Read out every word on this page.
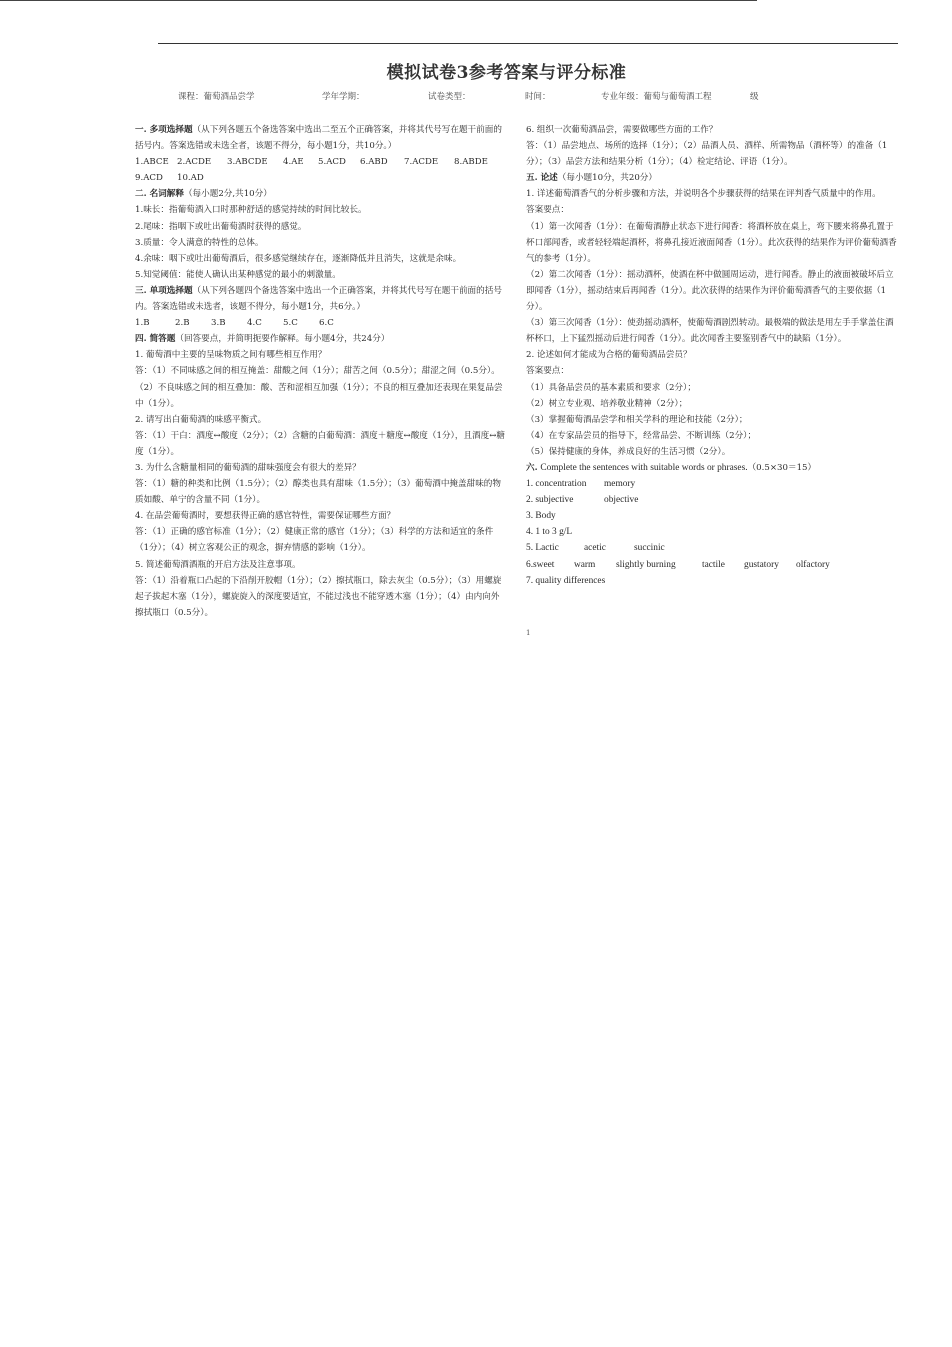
模拟试卷3参考答案与评分标准
课程：葡萄酒品尝学	学年学期：	试卷类型：	时间：	专业年级：葡萄与葡萄酒工程	级

一. 多项选择题（从下列各题五个备选答案中选出二至五个正确答案，并将其代号写在题干前面的括号内。答案选错或未选全者，该题不得分，每小题1分，共10分。）

1.ABCE 2.ACDE 3.ABCDE 4.AE 5.ACD 6.ABD 7.ACDE 8.ABDE

9.ACD 10.AD

二. 名词解释（每小题2分,共10分）

1.味长：指葡萄酒入口时那种舒适的感觉持续的时间比较长。

2.尾味：指咽下或吐出葡萄酒时获得的感觉。

3.质量：令人满意的特性的总体。

4.余味：咽下或吐出葡萄酒后，很多感觉继续存在，逐渐降低并且消失，这就是余味。

5.知觉阈值：能使人确认出某种感觉的最小的刺激量。

三. 单项选择题（从下列各题四个备选答案中选出一个正确答案，并将其代号写在题干前面的括号内。答案选错或未选者，该题不得分，每小题1分，共6分。）

1.B	2.B 3.B 4.C 5.C 6.C

四. 简答题（回答要点，并简明扼要作解释。每小题4分，共24分）

1. 葡萄酒中主要的呈味物质之间有哪些相互作用？

答：（1）不同味感之间的相互掩盖：甜酸之间（1分）；甜苦之间（0.5分）；甜涩之间（0.5分）。（2）不良味感之间的相互叠加：酸、苦和涩相互加强（1分）；不良的相互叠加还表现在果复品尝中（1分）。

2. 请写出白葡萄酒的味感平衡式。

答：（1）干白：酒度↔酸度（2分）；（2）含糖的白葡萄酒：酒度＋糖度↔酸度（1分），且酒度↔糖度（1分）。

3. 为什么含糖量相同的葡萄酒的甜味强度会有很大的差异？

答：（1）糖的种类和比例（1.5分）；（2）醇类也具有甜味（1.5分）；（3）葡萄酒中掩盖甜味的物质如酸、单宁的含量不同（1分）。

4. 在品尝葡萄酒时，要想获得正确的感官特性，需要保证哪些方面？

答：（1）正确的感官标准（1分）；（2）健康正常的感官（1分）；（3）科学的方法和适宜的条件（1分）；（4）树立客观公正的观念，摒弃情感的影响（1分）。

5. 简述葡萄酒酒瓶的开启方法及注意事项。

答：（1）沿着瓶口凸起的下沿削开胶帽（1分）；（2）擦拭瓶口，除去灰尘（0.5分）；（3）用螺旋起子拔起木塞（1分），螺旋旋入的深度要适宜，不能过浅也不能穿透木塞（1分）；（4）由内向外擦拭瓶口（0.5分）。

6. 组织一次葡萄酒品尝，需要做哪些方面的工作？

答：（1）品尝地点、场所的选择（1分）；（2）品酒人员、酒样、所需物品（酒杯等）的准备（1分）；（3）品尝方法和结果分析（1分）；（4）检定结论、评语（1分）。

五. 论述（每小题10分，共20分）

1. 详述葡萄酒香气的分析步骤和方法，并说明各个步骤获得的结果在评判香气质量中的作用。

答案要点：

（1）第一次闻香（1分）：在葡萄酒静止状态下进行闻香：将酒杯放在桌上，弯下腰来将鼻孔置于杯口部闻香，或者轻轻端起酒杯，将鼻孔接近液面闻香（1分）。此次获得的结果作为评价葡萄酒香气的参考（1分）。

（2）第二次闻香（1分）：摇动酒杯，使酒在杯中做圆周运动，进行闻香。静止的液面被破坏后立即闻香（1分），摇动结束后再闻香（1分）。此次获得的结果作为评价葡萄酒香气的主要依据（1分）。

（3）第三次闻香（1分）：使劲摇动酒杯，使葡萄酒剧烈转动。最极端的做法是用左手手掌盖住酒杯杯口，上下猛烈摇动后进行闻香（1分）。此次闻香主要鉴别香气中的缺陷（1分）。

2. 论述如何才能成为合格的葡萄酒品尝员？

答案要点：

（1）具备品尝员的基本素质和要求（2分）；

（2）树立专业观、培养敬业精神（2分）；

（3）掌握葡萄酒品尝学和相关学科的理论和技能（2分）；

（4）在专家品尝员的指导下，经常品尝、不断训练（2分）；

（5）保持健康的身体，养成良好的生活习惯（2分）。

六. Complete the sentences with suitable words or phrases.（0.5×30＝15）

1. concentration memory

2. subjective	objective

3. Body

4. 1 to 3 g/L

5. Lactic	acetic	succinic

6.sweet warm slightly burning	tactile gustatory olfactory

7. quality differences

1
